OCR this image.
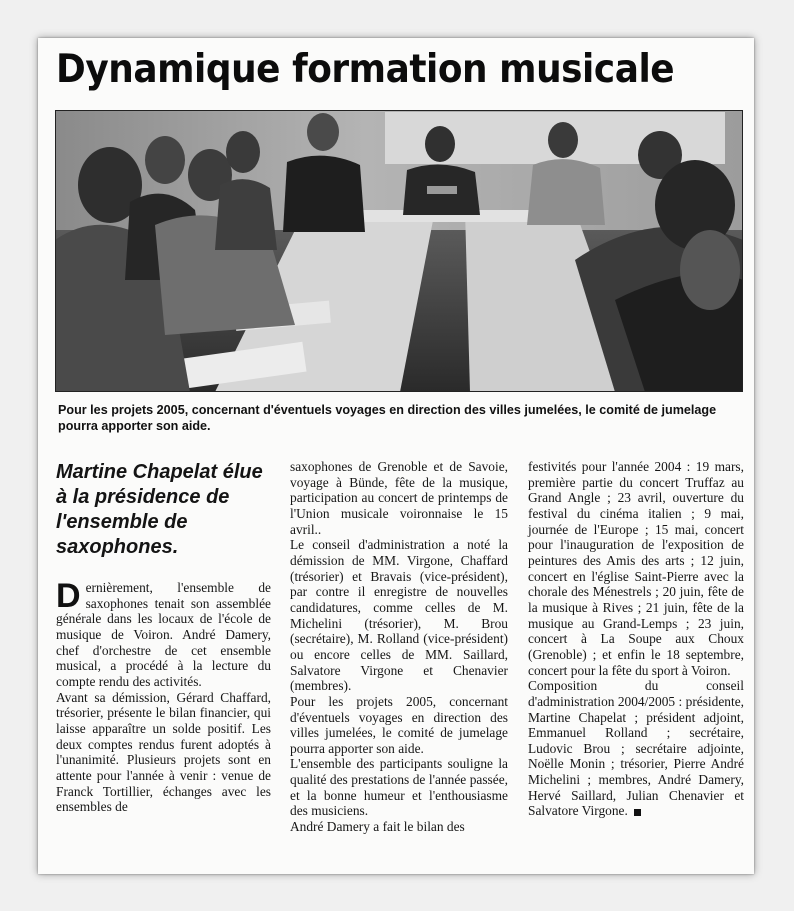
Dynamique formation musicale
Pour les projets 2005, concernant d'éventuels voyages en direction des villes jumelées, le comité de jumelage pourra apporter son aide.

Martine Chapelat élue à la présidence de l'ensemble de saxophones.

Dernièrement, l'ensemble de saxophones tenait son assemblée générale dans les locaux de l'école de musique de Voiron. André Damery, chef d'orchestre de cet ensemble musical, a procédé à la lecture du compte rendu des activités.

Avant sa démission, Gérard Chaffard, trésorier, présente le bilan financier, qui laisse apparaître un solde positif. Les deux comptes rendus furent adoptés à l'unanimité. Plusieurs projets sont en attente pour l'année à venir : venue de Franck Tortillier, échanges avec les ensembles de

saxophones de Grenoble et de Savoie, voyage à Bünde, fête de la musique, participation au concert de printemps de l'Union musicale voironnaise le 15 avril..

Le conseil d'administration a noté la démission de MM. Virgone, Chaffard (trésorier) et Bravais (vice-président), par contre il enregistre de nouvelles candidatures, comme celles de M. Michelini (trésorier), M. Brou (secrétaire), M. Rolland (vice-président) ou encore celles de MM. Saillard, Salvatore Virgone et Chenavier (membres).

Pour les projets 2005, concernant d'éventuels voyages en direction des villes jumelées, le comité de jumelage pourra apporter son aide.

L'ensemble des participants souligne la qualité des prestations de l'année passée, et la bonne humeur et l'enthousiasme des musiciens.

André Damery a fait le bilan des

festivités pour l'année 2004 : 19 mars, première partie du concert Truffaz au Grand Angle ; 23 avril, ouverture du festival du cinéma italien ; 9 mai, journée de l'Europe ; 15 mai, concert pour l'inauguration de l'exposition de peintures des Amis des arts ; 12 juin, concert en l'église Saint-Pierre avec la chorale des Ménestrels ; 20 juin, fête de la musique à Rives ; 21 juin, fête de la musique au Grand-Lemps ; 23 juin, concert à La Soupe aux Choux (Grenoble) ; et enfin le 18 septembre, concert pour la fête du sport à Voiron.

Composition du conseil d'administration 2004/2005 : présidente, Martine Chapelat ; président adjoint, Emmanuel Rolland ; secrétaire, Ludovic Brou ; secrétaire adjointe, Noëlle Monin ; trésorier, Pierre André Michelini ; membres, André Damery, Hervé Saillard, Julian Chenavier et Salvatore Virgone.
